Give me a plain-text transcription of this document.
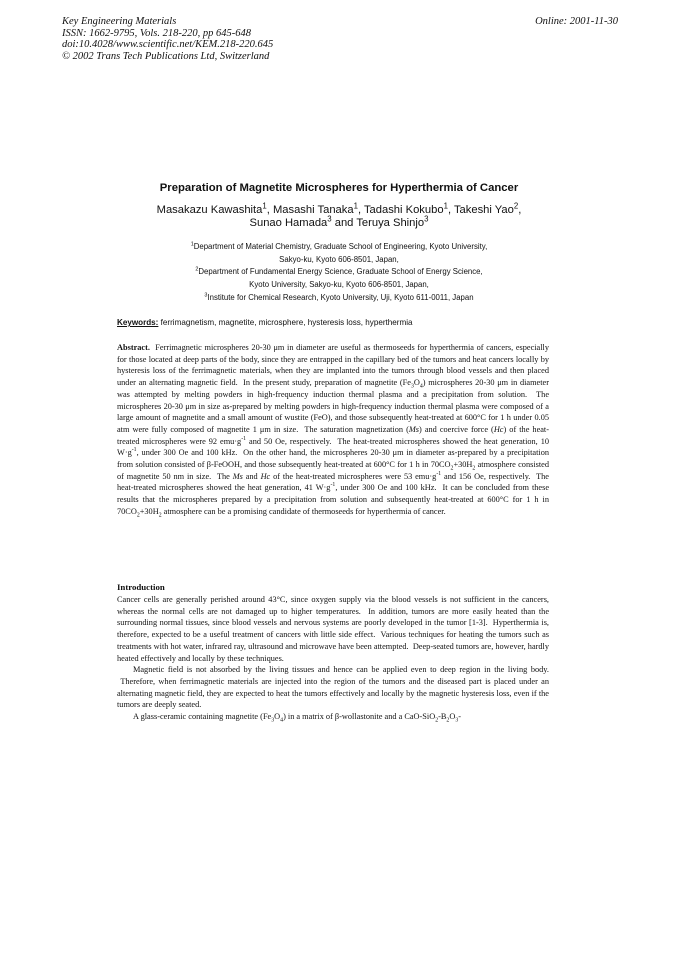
Key Engineering Materials
ISSN: 1662-9795, Vols. 218-220, pp 645-648
doi:10.4028/www.scientific.net/KEM.218-220.645
© 2002 Trans Tech Publications Ltd, Switzerland
Online: 2001-11-30
Preparation of Magnetite Microspheres for Hyperthermia of Cancer
Masakazu Kawashita$^1$, Masashi Tanaka$^1$, Tadashi Kokubo$^1$, Takeshi Yao$^2$,
Sunao Hamada$^3$ and Teruya Shinjo$^3$
$^1$Department of Material Chemistry, Graduate School of Engineering, Kyoto University,
Sakyo-ku, Kyoto 606-8501, Japan,
$^2$Department of Fundamental Energy Science, Graduate School of Energy Science,
Kyoto University, Sakyo-ku, Kyoto 606-8501, Japan,
$^3$Institute for Chemical Research, Kyoto University, Uji, Kyoto 611-0011, Japan
Keywords: ferrimagnetism, magnetite, microsphere, hysteresis loss, hyperthermia
Abstract.  Ferrimagnetic microspheres 20-30 μm in diameter are useful as thermoseeds for hyperthermia of cancers, especially for those located at deep parts of the body, since they are entrapped in the capillary bed of the tumors and heat cancers locally by hysteresis loss of the ferrimagnetic materials, when they are implanted into the tumors through blood vessels and then placed under an alternating magnetic field.  In the present study, preparation of magnetite $(Fe_3O_4)$ microspheres 20-30 μm in diameter was attempted by melting powders in high-frequency induction thermal plasma and a precipitation from solution.  The microspheres 20-30 μm in size as-prepared by melting powders in high-frequency induction thermal plasma were composed of a large amount of magnetite and a small amount of wustite (FeO), and those subsequently heat-treated at 600°C for 1 h under 0.05 atm were fully composed of magnetite 1 μm in size.  The saturation magnetization (Ms) and coercive force (Hc) of the heat-treated microspheres were 92 $emu\cdot g^{-1}$ and 50 Oe, respectively.  The heat-treated microspheres showed the heat generation, 10 $W\cdot g^{-1}$, under 300 Oe and 100 kHz.  On the other hand, the microspheres 20-30 μm in diameter as-prepared by a precipitation from solution consisted of β-FeOOH, and those subsequently heat-treated at 600°C for 1 h in $70CO_2+30H_2$ atmosphere consisted of magnetite 50 nm in size.  The Ms and Hc of the heat-treated microspheres were 53 $emu\cdot g^{-1}$ and 156 Oe, respectively.  The heat-treated microspheres showed the heat generation, 41 $W\cdot g^{-1}$, under 300 Oe and 100 kHz.  It can be concluded from these results that the microspheres prepared by a precipitation from solution and subsequently heat-treated at 600°C for 1 h in $70CO_2+30H_2$ atmosphere can be a promising candidate of thermoseeds for hyperthermia of cancer.
Introduction

Cancer cells are generally perished around 43°C, since oxygen supply via the blood vessels is not sufficient in the cancers, whereas the normal cells are not damaged up to higher temperatures.  In addition, tumors are more easily heated than the surrounding normal tissues, since blood vessels and nervous systems are poorly developed in the tumor [1-3].  Hyperthermia is, therefore, expected to be a useful treatment of cancers with little side effect.  Various techniques for heating the tumors such as treatments with hot water, infrared ray, ultrasound and microwave have been attempted.  Deep-seated tumors are, however, hardly heated effectively and locally by these techniques.

Magnetic field is not absorbed by the living tissues and hence can be applied even to deep region in the living body.  Therefore, when ferrimagnetic materials are injected into the region of the tumors and the diseased part is placed under an alternating magnetic field, they are expected to heat the tumors effectively and locally by the magnetic hysteresis loss, even if the tumors are deeply seated.

A glass-ceramic containing magnetite $(Fe_3O_4)$ in a matrix of β-wollastonite and a CaO-$SiO_2-B_2O_3-$
